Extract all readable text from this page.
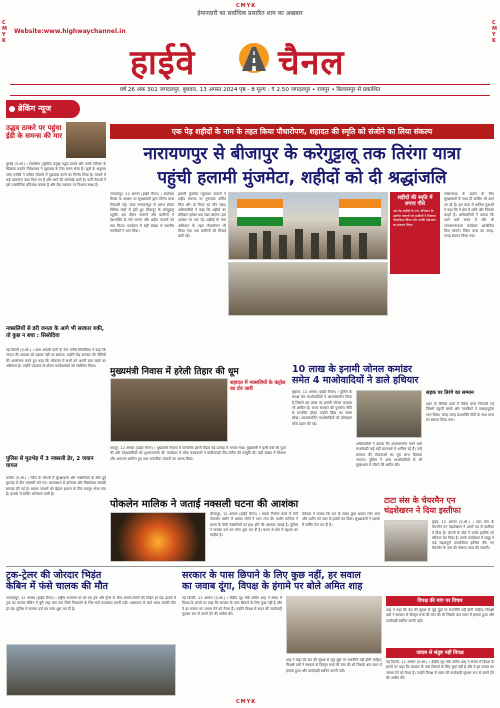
CMYK
CMYK
C
M
Y
K
C
M
Y
K
ईमानदारी का सर्वाधिक प्रसारित शाम का अखबार
Website:www.highwaychannel.in
हाईवे चैनल
वर्ष 26 अंक 302 जगदलपुर, बुधवार, 13 अगस्त 2024 पृष्ठ - 8 मूल्य : ₹ 2.50 जगदलपुर • रायपुर • बिलासपुर से प्रकाशित
ब्रेकिंग न्यूज
उद्धव ठाकरे पर पहुंचा ईडी के समन्स की मार
मुम्बई (ए.ओ.) । शिवसेना (यूबीटी) प्रमुख उद्धव ठाकरे और उनके परिवार के खिलाफ प्रवर्तन निदेशालय ने पूछताछ के लिए समन भेजा है। सूत्रों के अनुसार जांच एजेंसी ने कथित घोटाले में पूछताछ करने का निर्णय लिया है। मामले में कई दस्तावेज जब्त किए गए हैं और आगे की कार्रवाई जारी है। पार्टी नेताओं ने इसे राजनीतिक प्रतिशोध बताया है और केंद्र सरकार पर निशाना साधा है।
नक्सलियों से डरी जनता के आगे भी सरकार रुकी, तो कुछ न बचा : सिसोदिया
नई दिल्ली (ए.ओ.) । आम आदमी पार्टी के नेता मनीष सिसोदिया ने कहा कि जनता की आवाज को दबाया नहीं जा सकता। उन्होंने केंद्र सरकार की नीतियों की आलोचना करते हुए कहा कि लोकतंत्र में सभी को अपनी बात रखने का अधिकार है। उन्होंने पदयात्रा के दौरान कार्यकर्ताओं को संबोधित किया।
पुलिस से मुठभेड़ में 3 नक्सली ढेर, 2 जवान घायल
कांकेर (ए.ओ.) । जिले के जंगलों में सुरक्षाबलों और नक्सलियों के बीच हुई मुठभेड़ में तीन नक्सली मारे गए। घटनास्थल से हथियार और विस्फोटक सामग्री बरामद की गई है। घायल जवानों को बेहतर इलाज के लिए रायपुर भेजा गया है। इलाके में सर्चिंग अभियान जारी है।
एक पेड़ शहीदों के नाम के तहत किया पौधारोपण, शहादत की स्मृति को संजोने का लिया संकल्प
नारायणपुर से बीजापुर के करेगुट्टालू तक तिरंगा यात्रा
पहुंची हलामी मुंजमेटा, शहीदों को दी श्रद्धांजलि
जगदलपुर, 12 अगस्त (हाईवे चैनल) । स्वतंत्रता दिवस के अवसर पर सुरक्षाबलों द्वारा तिरंगा यात्रा निकाली गई। यात्रा नारायणपुर से प्रारंभ होकर विभिन्न गांवों से होते हुए बीजापुर के करेगुट्टालू पहुंची। इस दौरान जवानों और ग्रामीणों ने देशभक्ति के नारे लगाए और शहीद जवानों को याद किया। कार्यक्रम में बड़ी संख्या में स्थानीय नागरिकों ने भाग लिया।
हलामी मुंजमेटा पहुंचकर जवानों ने शहीद स्मारक पर पुष्पचक्र अर्पित किए और दो मिनट का मौन रखा। अधिकारियों ने कहा कि शहीदों का बलिदान हमेशा याद रखा जाएगा। इस अवसर पर एक पेड़ शहीदों के नाम अभियान के तहत पौधारोपण भी किया गया तथा ग्रामीणों को मिठाई बांटी गई।
शहीदों की स्मृति में लगाए पौधे

एक पेड़ शहीदों के नाम अभियान के अंतर्गत जवानों एवं ग्रामीणों ने मिलकर पौधारोपण किया और उनकी देखभाल का संकल्प लिया।

नक्सलवाद के खात्मे के लिए सुरक्षाबलों के साथ ही ग्रामीण भी आगे आ रहे हैं। इस यात्रा में शामिल युवाओं ने कहा कि वे क्षेत्र में शांति और विकास चाहते हैं। अधिकारियों ने बताया कि आने वाले समय में और भी जनजागरूकता कार्यक्रम आयोजित किए जाएंगे। तिरंगा यात्रा का जगह-जगह स्वागत किया गया।
मुख्यमंत्री निवास में हरेली तिहार की धूम
शहादत में नक्सलियों के कंट्रोल का टोर जारी
रायपुर, 12 अगस्त (हाईवे चैनल) । मुख्यमंत्री निवास में पारंपरिक हरेली तिहार बड़े उत्साह से मनाया गया। मुख्यमंत्री ने कृषि यंत्रों की पूजा की और प्रदेशवासियों को शुभकामनाएं दीं। कार्यक्रम में लोक कलाकारों ने छत्तीसगढ़ी गीत-संगीत की प्रस्तुति दी। बड़ी संख्या में किसान और आमजन शामिल हुए तथा पारंपरिक व्यंजनों का आनंद लिया।
10 लाख के इनामी जोनल कमांडर
समेत 4 माओवादियों ने डाले हथियार
सुकमा, 12 अगस्त (हाईवे चैनल) । पुलिस के समक्ष चार माओवादियों ने आत्मसमर्पण किया है जिसमें दस लाख का इनामी जोनल कमांडर भी शामिल है। राज्य सरकार की पुनर्वास नीति से प्रभावित होकर उन्होंने हिंसा का रास्ता छोड़ा। आत्मसमर्पित माओवादियों को प्रोत्साहन राशि प्रदान की गई।
अधिकारियों ने बताया कि आत्मसमर्पण करने वाले माओवादी कई बड़ी घटनाओं में शामिल रहे हैं। उन्हें सरकार की योजनाओं का पूरा लाभ दिलाया जाएगा। पुलिस ने अन्य माओवादियों से भी मुख्यधारा में लौटने की अपील की।
सड़क पर तिरंगे का सम्मान
शहर के विभिन्न वार्डों में तिरंगा यात्रा निकाली गई जिसमें स्कूली बच्चों और नागरिकों ने उत्साहपूर्वक भाग लिया। जगह-जगह देशभक्ति गीतों के साथ यात्रा का स्वागत किया गया।
पोकलेन मालिक ने जताई नक्सली घटना की आशंका
बीजापुर, 12 अगस्त (हाईवे चैनल) । सड़क निर्माण कार्य में लगी पोकलेन मशीन में अज्ञात लोगों ने आग लगा दी। मशीन मालिक ने घटना के पीछे नक्सलियों का हाथ होने की आशंका जताई है। पुलिस ने मामला दर्ज कर जांच शुरू कर दी है। घटना से क्षेत्र में दहशत का माहौल है।
ठेकेदार ने बताया कि रात के समय कुछ अज्ञात लोग आए और मशीन को आग के हवाले कर दिया। सुरक्षाबलों ने इलाके में सर्चिंग तेज कर दी है।
टाटा संस के चेयरमैन एन
चंद्रशेखरन ने दिया इस्तीफा
मुंबई, 12 अगस्त (ए.ओ.) । टाटा संस के चेयरमैन एन चंद्रशेखरन ने अपने पद से इस्तीफा दे दिया है। कंपनी के बोर्ड ने उनके इस्तीफे को स्वीकार कर लिया है। उनके कार्यकाल में समूह ने कई महत्वपूर्ण उपलब्धियां हासिल कीं। नए चेयरमैन के नाम की घोषणा जल्द की जाएगी।
ट्रक-ट्रेलर की जोरदार भिड़ंत
केबिन में फंसे चालक की मौत
जगदलपुर, 12 अगस्त (हाईवे चैनल) । राष्ट्रीय राजमार्ग पर देर रात ट्रक और ट्रेलर के बीच आमने-सामने की भिड़ंत हो गई। हादसे में ट्रक का चालक केबिन में बुरी तरह फंस गया जिसे निकालने के लिए घंटों मशक्कत करनी पड़ी। अस्पताल ले जाते समय उसकी मौत हो गई। पुलिस ने मामला दर्ज कर जांच शुरू कर दी है।
सरकार के पास छिपाने के लिए कुछ नहीं, हर सवाल
का जवाब दूंगा, विपक्ष के हंगामे पर बोले अमित शाह
नई दिल्ली, 12 अगस्त (ए.ओ.) । केंद्रीय गृह मंत्री अमित शाह ने संसद में विपक्ष के हंगामे पर कहा कि सरकार के पास छिपाने के लिए कुछ नहीं है और वे हर सवाल का जवाब देने को तैयार हैं। उन्होंने विपक्ष से सदन की कार्यवाही सुचारू रूप से चलने देने की अपील की।
शाह ने कहा कि देश की सुरक्षा से जुड़े मुद्दों पर राजनीति नहीं होनी चाहिए। विपक्षी दलों ने सरकार से विस्तृत चर्चा की मांग की थी जिसके बाद सदन में हंगामा हुआ और कार्यवाही स्थगित करनी पड़ी।
विपक्ष की मांग पर विचार
शाह ने कहा कि देश की सुरक्षा से जुड़े मुद्दों पर राजनीति नहीं होनी चाहिए। विपक्षी दलों ने सरकार से विस्तृत चर्चा की मांग की थी जिसके बाद सदन में हंगामा हुआ और कार्यवाही स्थगित करनी पड़ी।
जवाब से संतुष्ट नहीं विपक्ष
नई दिल्ली, 12 अगस्त (ए.ओ.) । केंद्रीय गृह मंत्री अमित शाह ने संसद में विपक्ष के हंगामे पर कहा कि सरकार के पास छिपाने के लिए कुछ नहीं है और वे हर सवाल का जवाब देने को तैयार हैं। उन्होंने विपक्ष से सदन की कार्यवाही सुचारू रूप से चलने देने की अपील की।
